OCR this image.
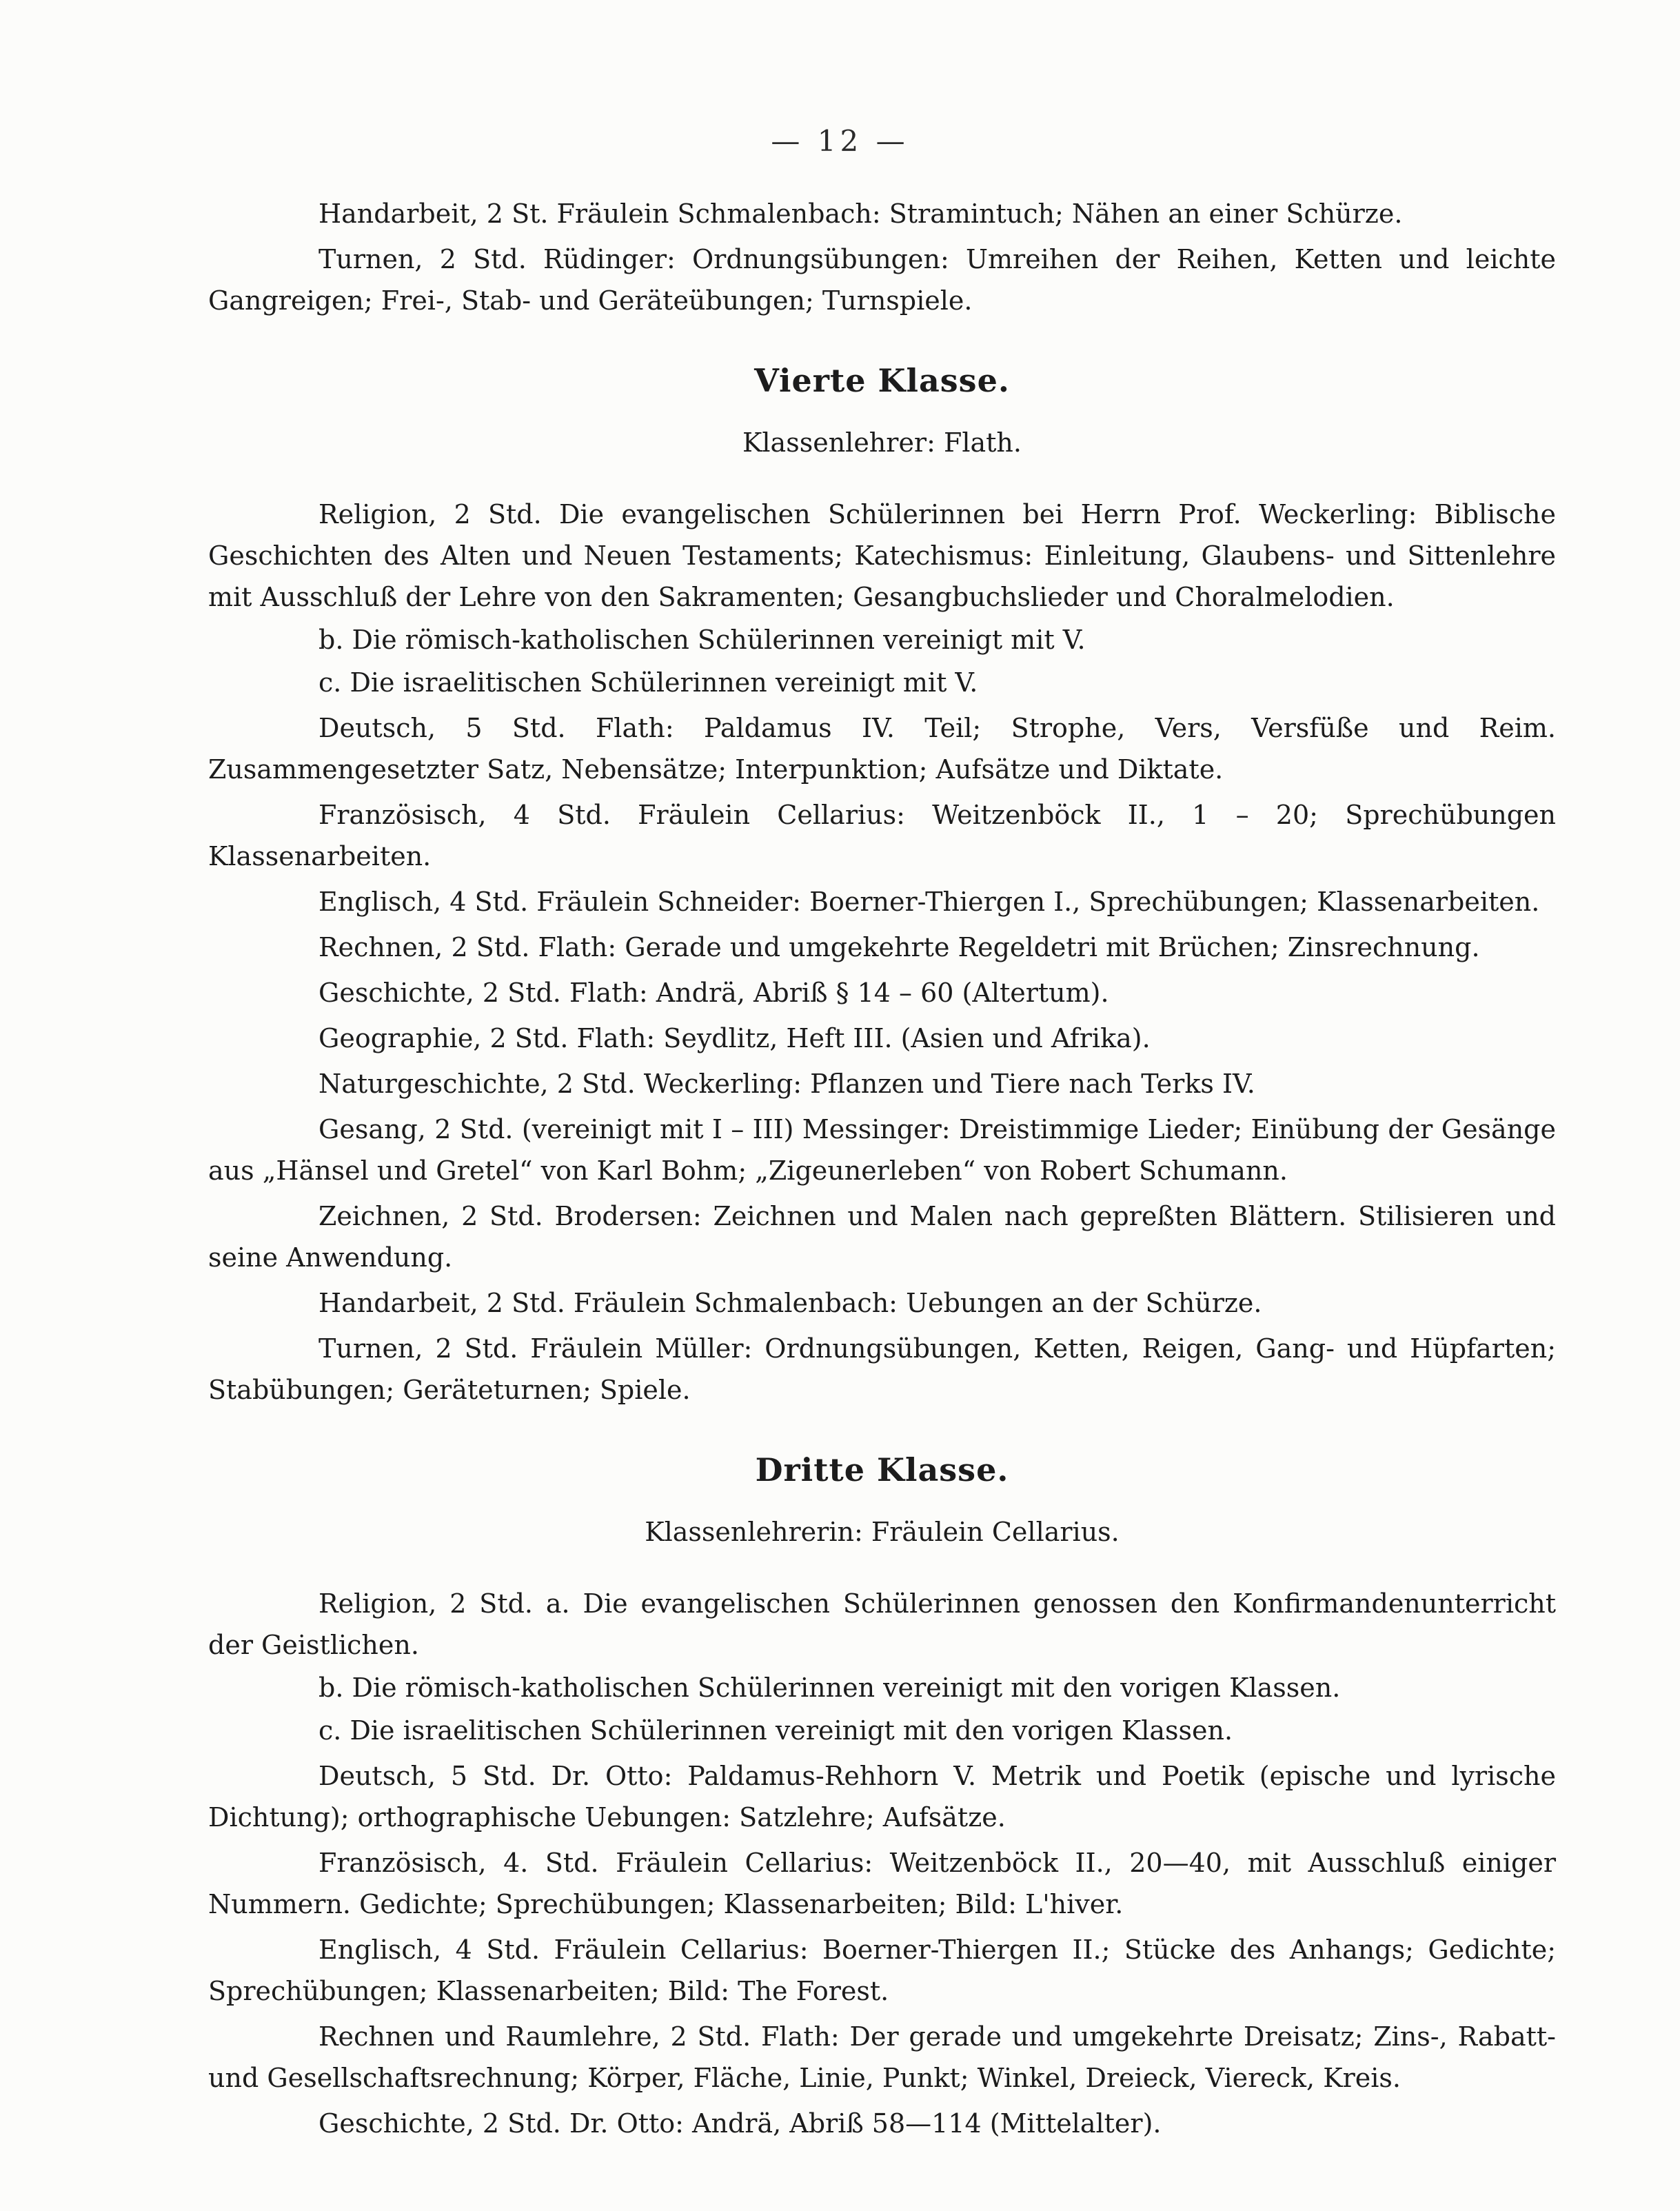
— 12 —

Handarbeit, 2 St. Fräulein Schmalenbach: Stramintuch; Nähen an einer Schürze.

Turnen, 2 Std. Rüdinger: Ordnungsübungen: Umreihen der Reihen, Ketten und leichte Gangreigen; Frei-, Stab- und Geräteübungen; Turnspiele.

Vierte Klasse.
Klassenlehrer: Flath.

Religion, 2 Std. Die evangelischen Schülerinnen bei Herrn Prof. Weckerling: Biblische Geschichten des Alten und Neuen Testaments; Katechismus: Einleitung, Glaubens- und Sittenlehre mit Ausschluß der Lehre von den Sakramenten; Gesangbuchslieder und Choralmelodien.

b. Die römisch-katholischen Schülerinnen vereinigt mit V.

c. Die israelitischen Schülerinnen vereinigt mit V.

Deutsch, 5 Std. Flath: Paldamus IV. Teil; Strophe, Vers, Versfüße und Reim. Zusammengesetzter Satz, Nebensätze; Interpunktion; Aufsätze und Diktate.

Französisch, 4 Std. Fräulein Cellarius: Weitzenböck II., 1 – 20; Sprechübungen Klassenarbeiten.

Englisch, 4 Std. Fräulein Schneider: Boerner-Thiergen I., Sprechübungen; Klassenarbeiten.

Rechnen, 2 Std. Flath: Gerade und umgekehrte Regeldetri mit Brüchen; Zinsrechnung.

Geschichte, 2 Std. Flath: Andrä, Abriß § 14 – 60 (Altertum).

Geographie, 2 Std. Flath: Seydlitz, Heft III. (Asien und Afrika).

Naturgeschichte, 2 Std. Weckerling: Pflanzen und Tiere nach Terks IV.

Gesang, 2 Std. (vereinigt mit I – III) Messinger: Dreistimmige Lieder; Einübung der Gesänge aus „Hänsel und Gretel“ von Karl Bohm; „Zigeunerleben“ von Robert Schumann.

Zeichnen, 2 Std. Brodersen: Zeichnen und Malen nach gepreßten Blättern. Stilisieren und seine Anwendung.

Handarbeit, 2 Std. Fräulein Schmalenbach: Uebungen an der Schürze.

Turnen, 2 Std. Fräulein Müller: Ordnungsübungen, Ketten, Reigen, Gang- und Hüpfarten; Stabübungen; Geräteturnen; Spiele.

Dritte Klasse.
Klassenlehrerin: Fräulein Cellarius.

Religion, 2 Std. a. Die evangelischen Schülerinnen genossen den Konfirmandenunterricht der Geistlichen.

b. Die römisch-katholischen Schülerinnen vereinigt mit den vorigen Klassen.

c. Die israelitischen Schülerinnen vereinigt mit den vorigen Klassen.

Deutsch, 5 Std. Dr. Otto: Paldamus-Rehhorn V. Metrik und Poetik (epische und lyrische Dichtung); orthographische Uebungen: Satzlehre; Aufsätze.

Französisch, 4. Std. Fräulein Cellarius: Weitzenböck II., 20—40, mit Ausschluß einiger Nummern. Gedichte; Sprechübungen; Klassenarbeiten; Bild: L'hiver.

Englisch, 4 Std. Fräulein Cellarius: Boerner-Thiergen II.; Stücke des Anhangs; Gedichte; Sprechübungen; Klassenarbeiten; Bild: The Forest.

Rechnen und Raumlehre, 2 Std. Flath: Der gerade und umgekehrte Dreisatz; Zins-, Rabatt- und Gesellschaftsrechnung; Körper, Fläche, Linie, Punkt; Winkel, Dreieck, Viereck, Kreis.

Geschichte, 2 Std. Dr. Otto: Andrä, Abriß 58—114 (Mittelalter).
